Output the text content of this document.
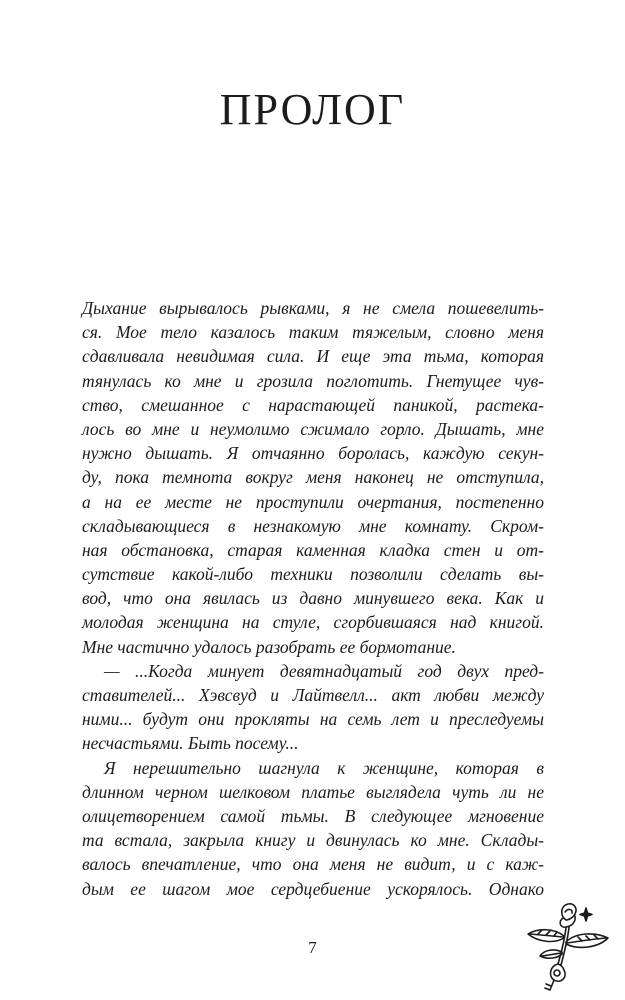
ПРОЛОГ
Дыхание вырывалось рывками, я не смела пошевелить-
ся. Мое тело казалось таким тяжелым, словно меня
сдавливала невидимая сила. И еще эта тьма, которая
тянулась ко мне и грозила поглотить. Гнетущее чув-
ство, смешанное с нарастающей паникой, растека-
лось во мне и неумолимо сжимало горло. Дышать, мне
нужно дышать. Я отчаянно боролась, каждую секун-
ду, пока темнота вокруг меня наконец не отступила,
а на ее месте не проступили очертания, постепенно
складывающиеся в незнакомую мне комнату. Скром-
ная обстановка, старая каменная кладка стен и от-
сутствие какой-либо техники позволили сделать вы-
вод, что она явилась из давно минувшего века. Как и
молодая женщина на стуле, сгорбившаяся над книгой.
Мне частично удалось разобрать ее бормотание.
— ...Когда минует девятнадцатый год двух пред-
ставителей... Хэвсвуд и Лайтвелл... акт любви между
ними... будут они прокляты на семь лет и преследуемы
несчастьями. Быть посему...
Я нерешительно шагнула к женщине, которая в
длинном черном шелковом платье выглядела чуть ли не
олицетворением самой тьмы. В следующее мгновение
та встала, закрыла книгу и двинулась ко мне. Склады-
валось впечатление, что она меня не видит, и с каж-
дым ее шагом мое сердцебиение ускорялось. Однако
7
